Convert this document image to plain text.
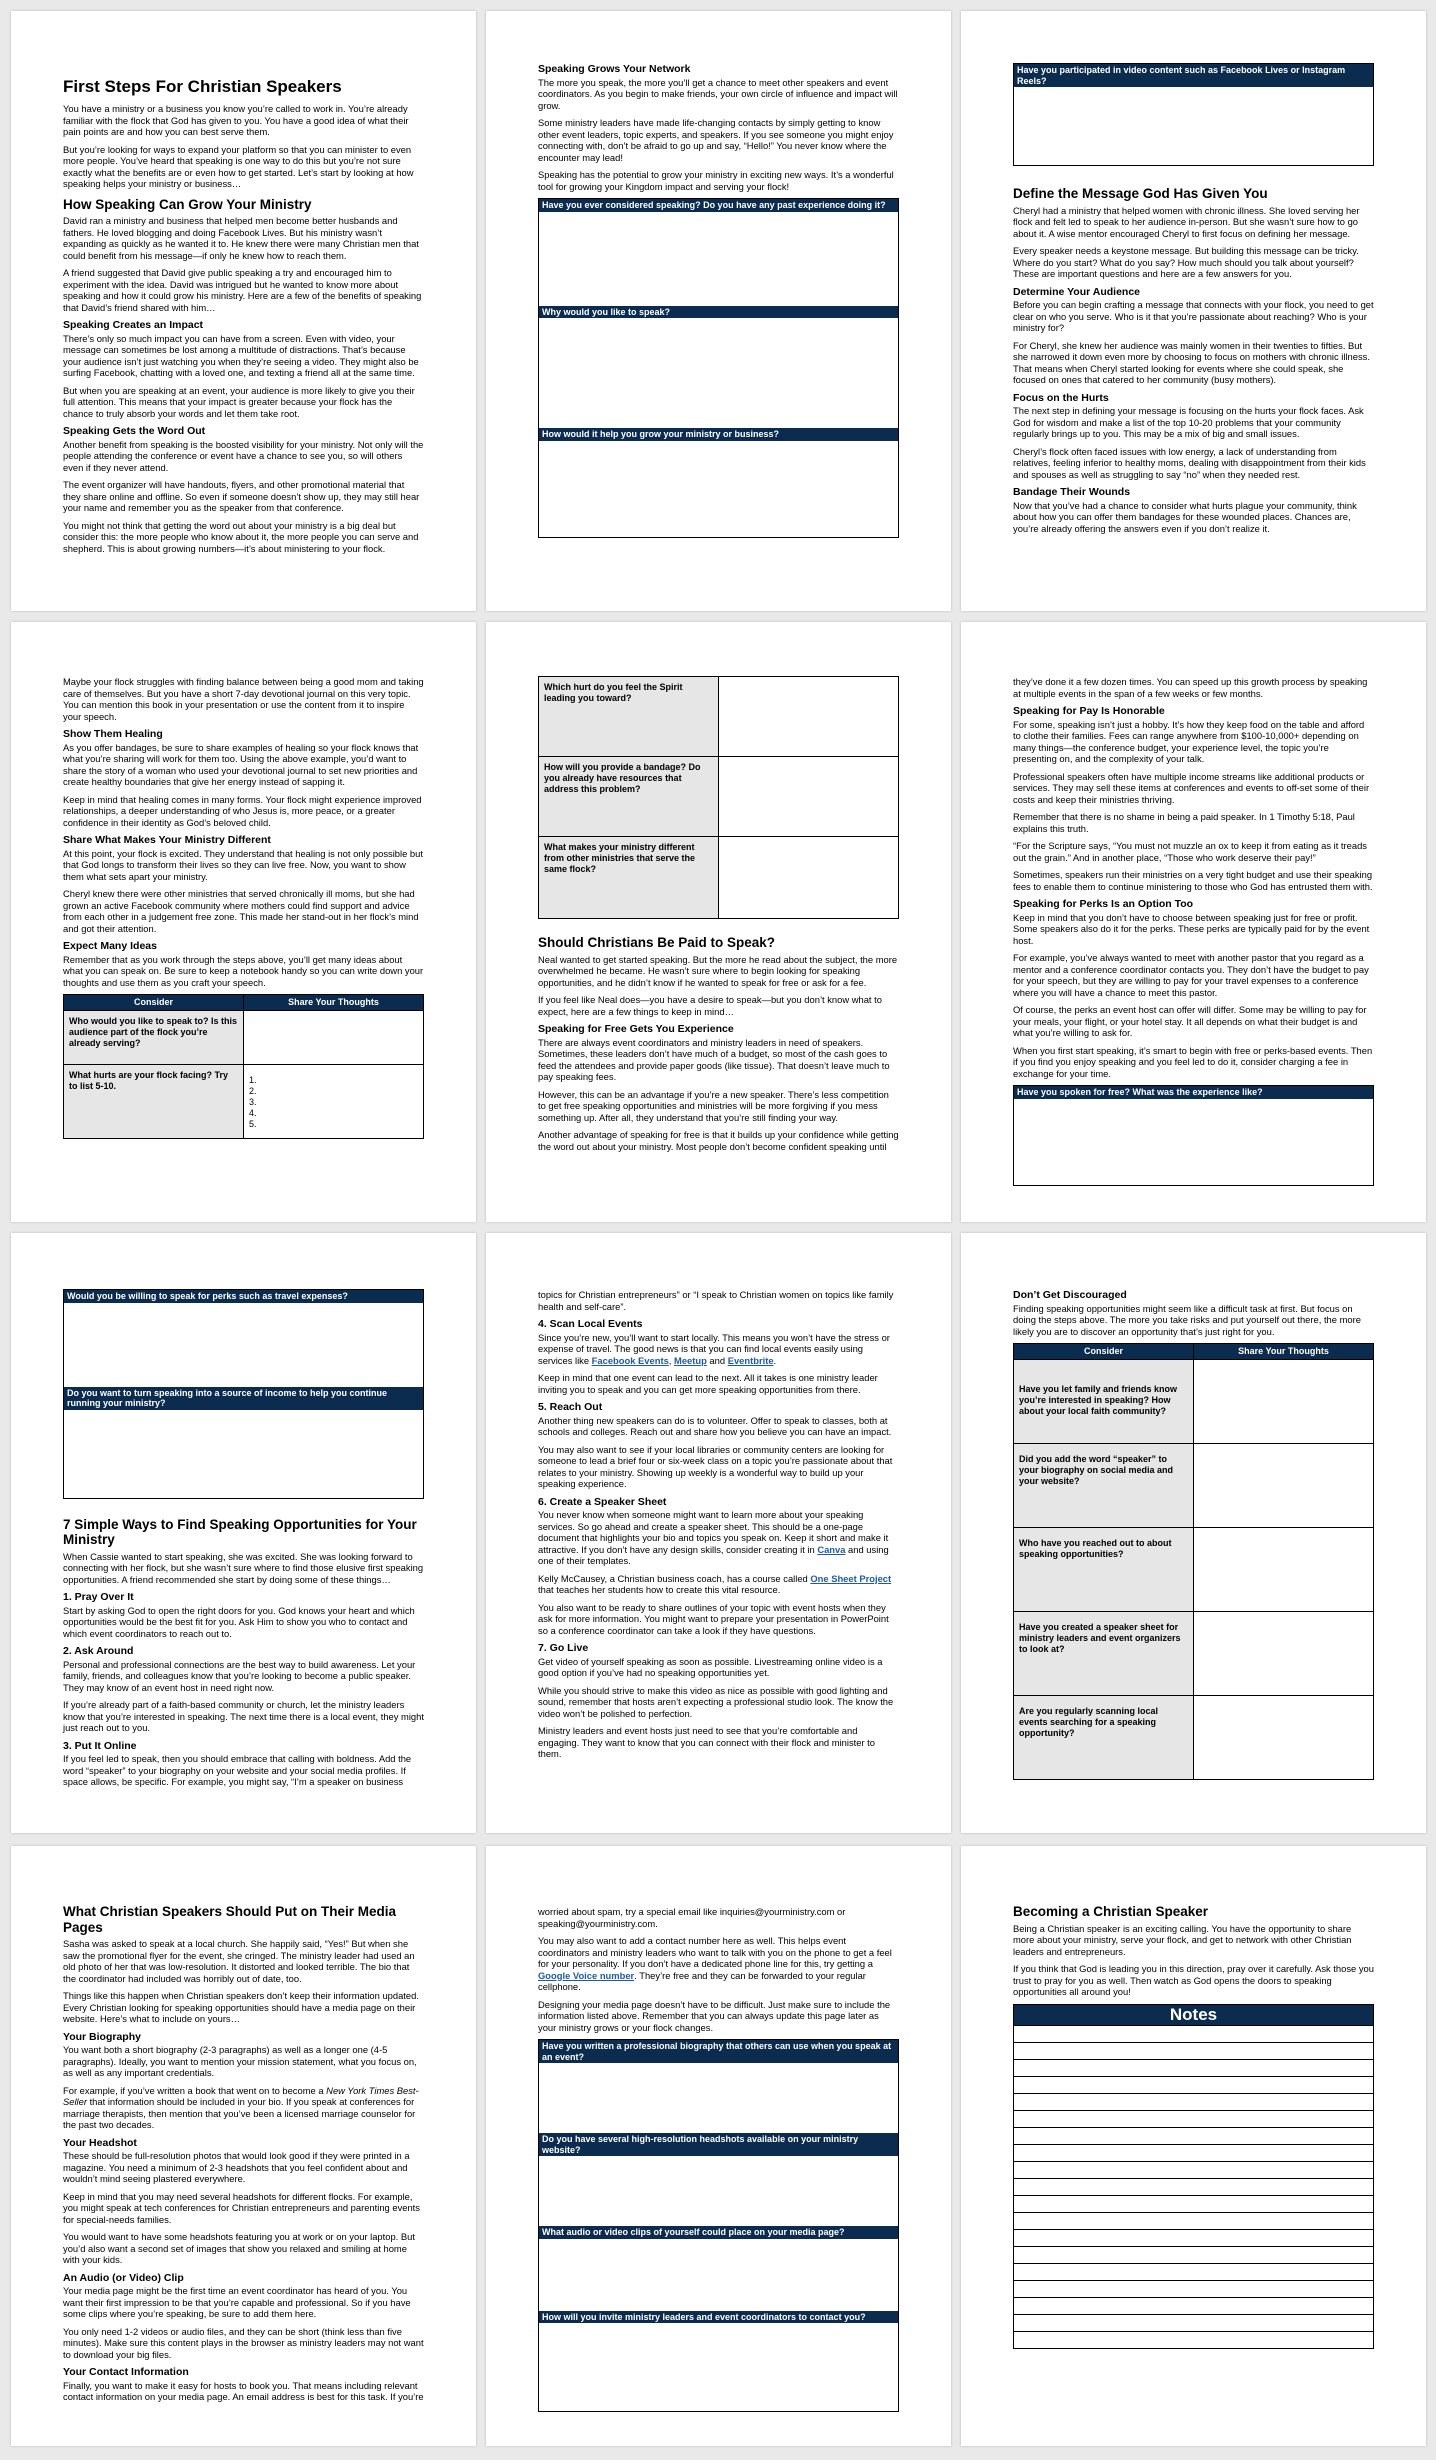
First Steps For Christian Speakers

You have a ministry or a business you know you’re called to work in. You’re already familiar with the flock that God has given to you. You have a good idea of what their pain points are and how you can best serve them.

But you’re looking for ways to expand your platform so that you can minister to even more people. You’ve heard that speaking is one way to do this but you’re not sure exactly what the benefits are or even how to get started. Let’s start by looking at how speaking helps your ministry or business…

How Speaking Can Grow Your Ministry

David ran a ministry and business that helped men become better husbands and fathers. He loved blogging and doing Facebook Lives. But his ministry wasn’t expanding as quickly as he wanted it to. He knew there were many Christian men that could benefit from his message—if only he knew how to reach them.

A friend suggested that David give public speaking a try and encouraged him to experiment with the idea. David was intrigued but he wanted to know more about speaking and how it could grow his ministry. Here are a few of the benefits of speaking that David’s friend shared with him…

Speaking Creates an Impact

There’s only so much impact you can have from a screen. Even with video, your message can sometimes be lost among a multitude of distractions. That’s because your audience isn’t just watching you when they’re seeing a video. They might also be surfing Facebook, chatting with a loved one, and texting a friend all at the same time.

But when you are speaking at an event, your audience is more likely to give you their full attention. This means that your impact is greater because your flock has the chance to truly absorb your words and let them take root.

Speaking Gets the Word Out

Another benefit from speaking is the boosted visibility for your ministry. Not only will the people attending the conference or event have a chance to see you, so will others even if they never attend.

The event organizer will have handouts, flyers, and other promotional material that they share online and offline. So even if someone doesn’t show up, they may still hear your name and remember you as the speaker from that conference.

You might not think that getting the word out about your ministry is a big deal but consider this: the more people who know about it, the more people you can serve and shepherd. This is about growing numbers—it’s about ministering to your flock.

Speaking Grows Your Network

The more you speak, the more you’ll get a chance to meet other speakers and event coordinators. As you begin to make friends, your own circle of influence and impact will grow.

Some ministry leaders have made life-changing contacts by simply getting to know other event leaders, topic experts, and speakers. If you see someone you might enjoy connecting with, don’t be afraid to go up and say, “Hello!” You never know where the encounter may lead!

Speaking has the potential to grow your ministry in exciting new ways. It’s a wonderful tool for growing your Kingdom impact and serving your flock!

Have you ever considered speaking? Do you have any past experience doing it?
Why would you like to speak?
How would it help you grow your ministry or business?
Have you participated in video content such as Facebook Lives or Instagram Reels?
Define the Message God Has Given You

Cheryl had a ministry that helped women with chronic illness. She loved serving her flock and felt led to speak to her audience in-person. But she wasn’t sure how to go about it. A wise mentor encouraged Cheryl to first focus on defining her message.

Every speaker needs a keystone message. But building this message can be tricky. Where do you start? What do you say? How much should you talk about yourself? These are important questions and here are a few answers for you.

Determine Your Audience

Before you can begin crafting a message that connects with your flock, you need to get clear on who you serve. Who is it that you’re passionate about reaching? Who is your ministry for?

For Cheryl, she knew her audience was mainly women in their twenties to fifties. But she narrowed it down even more by choosing to focus on mothers with chronic illness. That means when Cheryl started looking for events where she could speak, she focused on ones that catered to her community (busy mothers).

Focus on the Hurts

The next step in defining your message is focusing on the hurts your flock faces. Ask God for wisdom and make a list of the top 10-20 problems that your community regularly brings up to you. This may be a mix of big and small issues.

Cheryl’s flock often faced issues with low energy, a lack of understanding from relatives, feeling inferior to healthy moms, dealing with disappointment from their kids and spouses as well as struggling to say “no” when they needed rest.

Bandage Their Wounds

Now that you’ve had a chance to consider what hurts plague your community, think about how you can offer them bandages for these wounded places. Chances are, you’re already offering the answers even if you don’t realize it.

Maybe your flock struggles with finding balance between being a good mom and taking care of themselves. But you have a short 7-day devotional journal on this very topic. You can mention this book in your presentation or use the content from it to inspire your speech.

Show Them Healing

As you offer bandages, be sure to share examples of healing so your flock knows that what you’re sharing will work for them too. Using the above example, you’d want to share the story of a woman who used your devotional journal to set new priorities and create healthy boundaries that give her energy instead of sapping it.

Keep in mind that healing comes in many forms. Your flock might experience improved relationships, a deeper understanding of who Jesus is, more peace, or a greater confidence in their identity as God’s beloved child.

Share What Makes Your Ministry Different

At this point, your flock is excited. They understand that healing is not only possible but that God longs to transform their lives so they can live free. Now, you want to show them what sets apart your ministry.

Cheryl knew there were other ministries that served chronically ill moms, but she had grown an active Facebook community where mothers could find support and advice from each other in a judgement free zone. This made her stand-out in her flock’s mind and got their attention.

Expect Many Ideas

Remember that as you work through the steps above, you’ll get many ideas about what you can speak on. Be sure to keep a notebook handy so you can write down your thoughts and use them as you craft your speech.

Consider	Share Your Thoughts
Who would you like to speak to? Is this audience part of the flock you’re already serving?	
What hurts are your flock facing? Try to list 5-10.	1.
2.
3.
4.
5.
Which hurt do you feel the Spirit leading you toward?	
How will you provide a bandage? Do you already have resources that address this problem?	
What makes your ministry different from other ministries that serve the same flock?	
Should Christians Be Paid to Speak?

Neal wanted to get started speaking. But the more he read about the subject, the more overwhelmed he became. He wasn’t sure where to begin looking for speaking opportunities, and he didn’t know if he wanted to speak for free or ask for a fee.

If you feel like Neal does—you have a desire to speak—but you don’t know what to expect, here are a few things to keep in mind…

Speaking for Free Gets You Experience

There are always event coordinators and ministry leaders in need of speakers. Sometimes, these leaders don’t have much of a budget, so most of the cash goes to feed the attendees and provide paper goods (like tissue). That doesn’t leave much to pay speaking fees.

However, this can be an advantage if you’re a new speaker. There’s less competition to get free speaking opportunities and ministries will be more forgiving if you mess something up. After all, they understand that you’re still finding your way.

Another advantage of speaking for free is that it builds up your confidence while getting the word out about your ministry. Most people don’t become confident speaking until

they’ve done it a few dozen times. You can speed up this growth process by speaking at multiple events in the span of a few weeks or few months.

Speaking for Pay Is Honorable

For some, speaking isn’t just a hobby. It’s how they keep food on the table and afford to clothe their families. Fees can range anywhere from $100-10,000+ depending on many things—the conference budget, your experience level, the topic you’re presenting on, and the complexity of your talk.

Professional speakers often have multiple income streams like additional products or services. They may sell these items at conferences and events to off-set some of their costs and keep their ministries thriving.

Remember that there is no shame in being a paid speaker. In 1 Timothy 5:18, Paul explains this truth.

“For the Scripture says, “You must not muzzle an ox to keep it from eating as it treads out the grain.” And in another place, “Those who work deserve their pay!”

Sometimes, speakers run their ministries on a very tight budget and use their speaking fees to enable them to continue ministering to those who God has entrusted them with.

Speaking for Perks Is an Option Too

Keep in mind that you don’t have to choose between speaking just for free or profit. Some speakers also do it for the perks. These perks are typically paid for by the event host.

For example, you’ve always wanted to meet with another pastor that you regard as a mentor and a conference coordinator contacts you. They don’t have the budget to pay for your speech, but they are willing to pay for your travel expenses to a conference where you will have a chance to meet this pastor.

Of course, the perks an event host can offer will differ. Some may be willing to pay for your meals, your flight, or your hotel stay. It all depends on what their budget is and what you’re willing to ask for.

When you first start speaking, it’s smart to begin with free or perks-based events. Then if you find you enjoy speaking and you feel led to do it, consider charging a fee in exchange for your time.

Have you spoken for free? What was the experience like?
Would you be willing to speak for perks such as travel expenses?
Do you want to turn speaking into a source of income to help you continue running your ministry?
7 Simple Ways to Find Speaking Opportunities for Your Ministry

When Cassie wanted to start speaking, she was excited. She was looking forward to connecting with her flock, but she wasn’t sure where to find those elusive first speaking opportunities. A friend recommended she start by doing some of these things…

1. Pray Over It

Start by asking God to open the right doors for you. God knows your heart and which opportunities would be the best fit for you. Ask Him to show you who to contact and which event coordinators to reach out to.

2. Ask Around

Personal and professional connections are the best way to build awareness. Let your family, friends, and colleagues know that you’re looking to become a public speaker. They may know of an event host in need right now.

If you’re already part of a faith-based community or church, let the ministry leaders know that you’re interested in speaking. The next time there is a local event, they might just reach out to you.

3. Put It Online

If you feel led to speak, then you should embrace that calling with boldness. Add the word “speaker” to your biography on your website and your social media profiles. If space allows, be specific. For example, you might say, “I’m a speaker on business

topics for Christian entrepreneurs” or “I speak to Christian women on topics like family health and self-care”.

4. Scan Local Events

Since you’re new, you’ll want to start locally. This means you won’t have the stress or expense of travel. The good news is that you can find local events easily using services like Facebook Events, Meetup and Eventbrite.

Keep in mind that one event can lead to the next. All it takes is one ministry leader inviting you to speak and you can get more speaking opportunities from there.

5. Reach Out

Another thing new speakers can do is to volunteer. Offer to speak to classes, both at schools and colleges. Reach out and share how you believe you can have an impact.

You may also want to see if your local libraries or community centers are looking for someone to lead a brief four or six-week class on a topic you’re passionate about that relates to your ministry. Showing up weekly is a wonderful way to build up your speaking experience.

6. Create a Speaker Sheet

You never know when someone might want to learn more about your speaking services. So go ahead and create a speaker sheet. This should be a one-page document that highlights your bio and topics you speak on. Keep it short and make it attractive. If you don’t have any design skills, consider creating it in Canva and using one of their templates.

Kelly McCausey, a Christian business coach, has a course called One Sheet Project that teaches her students how to create this vital resource.

You also want to be ready to share outlines of your topic with event hosts when they ask for more information. You might want to prepare your presentation in PowerPoint so a conference coordinator can take a look if they have questions.

7. Go Live

Get video of yourself speaking as soon as possible. Livestreaming online video is a good option if you’ve had no speaking opportunities yet.

While you should strive to make this video as nice as possible with good lighting and sound, remember that hosts aren’t expecting a professional studio look. The know the video won’t be polished to perfection.

Ministry leaders and event hosts just need to see that you’re comfortable and engaging. They want to know that you can connect with their flock and minister to them.

Don’t Get Discouraged

Finding speaking opportunities might seem like a difficult task at first. But focus on doing the steps above. The more you take risks and put yourself out there, the more likely you are to discover an opportunity that’s just right for you.

Consider	Share Your Thoughts
Have you let family and friends know you’re interested in speaking? How about your local faith community?	
Did you add the word “speaker” to your biography on social media and your website?	
Who have you reached out to about speaking opportunities?	
Have you created a speaker sheet for ministry leaders and event organizers to look at?	
Are you regularly scanning local events searching for a speaking opportunity?	
What Christian Speakers Should Put on Their Media Pages

Sasha was asked to speak at a local church. She happily said, “Yes!” But when she saw the promotional flyer for the event, she cringed. The ministry leader had used an old photo of her that was low-resolution. It distorted and looked terrible. The bio that the coordinator had included was horribly out of date, too.

Things like this happen when Christian speakers don’t keep their information updated. Every Christian looking for speaking opportunities should have a media page on their website. Here’s what to include on yours…

Your Biography

You want both a short biography (2-3 paragraphs) as well as a longer one (4-5 paragraphs). Ideally, you want to mention your mission statement, what you focus on, as well as any important credentials.

For example, if you’ve written a book that went on to become a New York Times Best-Seller that information should be included in your bio. If you speak at conferences for marriage therapists, then mention that you’ve been a licensed marriage counselor for the past two decades.

Your Headshot

These should be full-resolution photos that would look good if they were printed in a magazine. You need a minimum of 2-3 headshots that you feel confident about and wouldn’t mind seeing plastered everywhere.

Keep in mind that you may need several headshots for different flocks. For example, you might speak at tech conferences for Christian entrepreneurs and parenting events for special-needs families.

You would want to have some headshots featuring you at work or on your laptop. But you’d also want a second set of images that show you relaxed and smiling at home with your kids.

An Audio (or Video) Clip

Your media page might be the first time an event coordinator has heard of you. You want their first impression to be that you’re capable and professional. So if you have some clips where you’re speaking, be sure to add them here.

You only need 1-2 videos or audio files, and they can be short (think less than five minutes). Make sure this content plays in the browser as ministry leaders may not want to download your big files.

Your Contact Information

Finally, you want to make it easy for hosts to book you. That means including relevant contact information on your media page. An email address is best for this task. If you’re

worried about spam, try a special email like inquiries@yourministry.com or speaking@yourministry.com.

You may also want to add a contact number here as well. This helps event coordinators and ministry leaders who want to talk with you on the phone to get a feel for your personality. If you don’t have a dedicated phone line for this, try getting a Google Voice number. They’re free and they can be forwarded to your regular cellphone.

Designing your media page doesn’t have to be difficult. Just make sure to include the information listed above. Remember that you can always update this page later as your ministry grows or your flock changes.

Have you written a professional biography that others can use when you speak at an event?
Do you have several high-resolution headshots available on your ministry website?
What audio or video clips of yourself could place on your media page?
How will you invite ministry leaders and event coordinators to contact you?
Becoming a Christian Speaker

Being a Christian speaker is an exciting calling. You have the opportunity to share more about your ministry, serve your flock, and get to network with other Christian leaders and entrepreneurs.

If you think that God is leading you in this direction, pray over it carefully. Ask those you trust to pray for you as well. Then watch as God opens the doors to speaking opportunities all around you!

Notes
